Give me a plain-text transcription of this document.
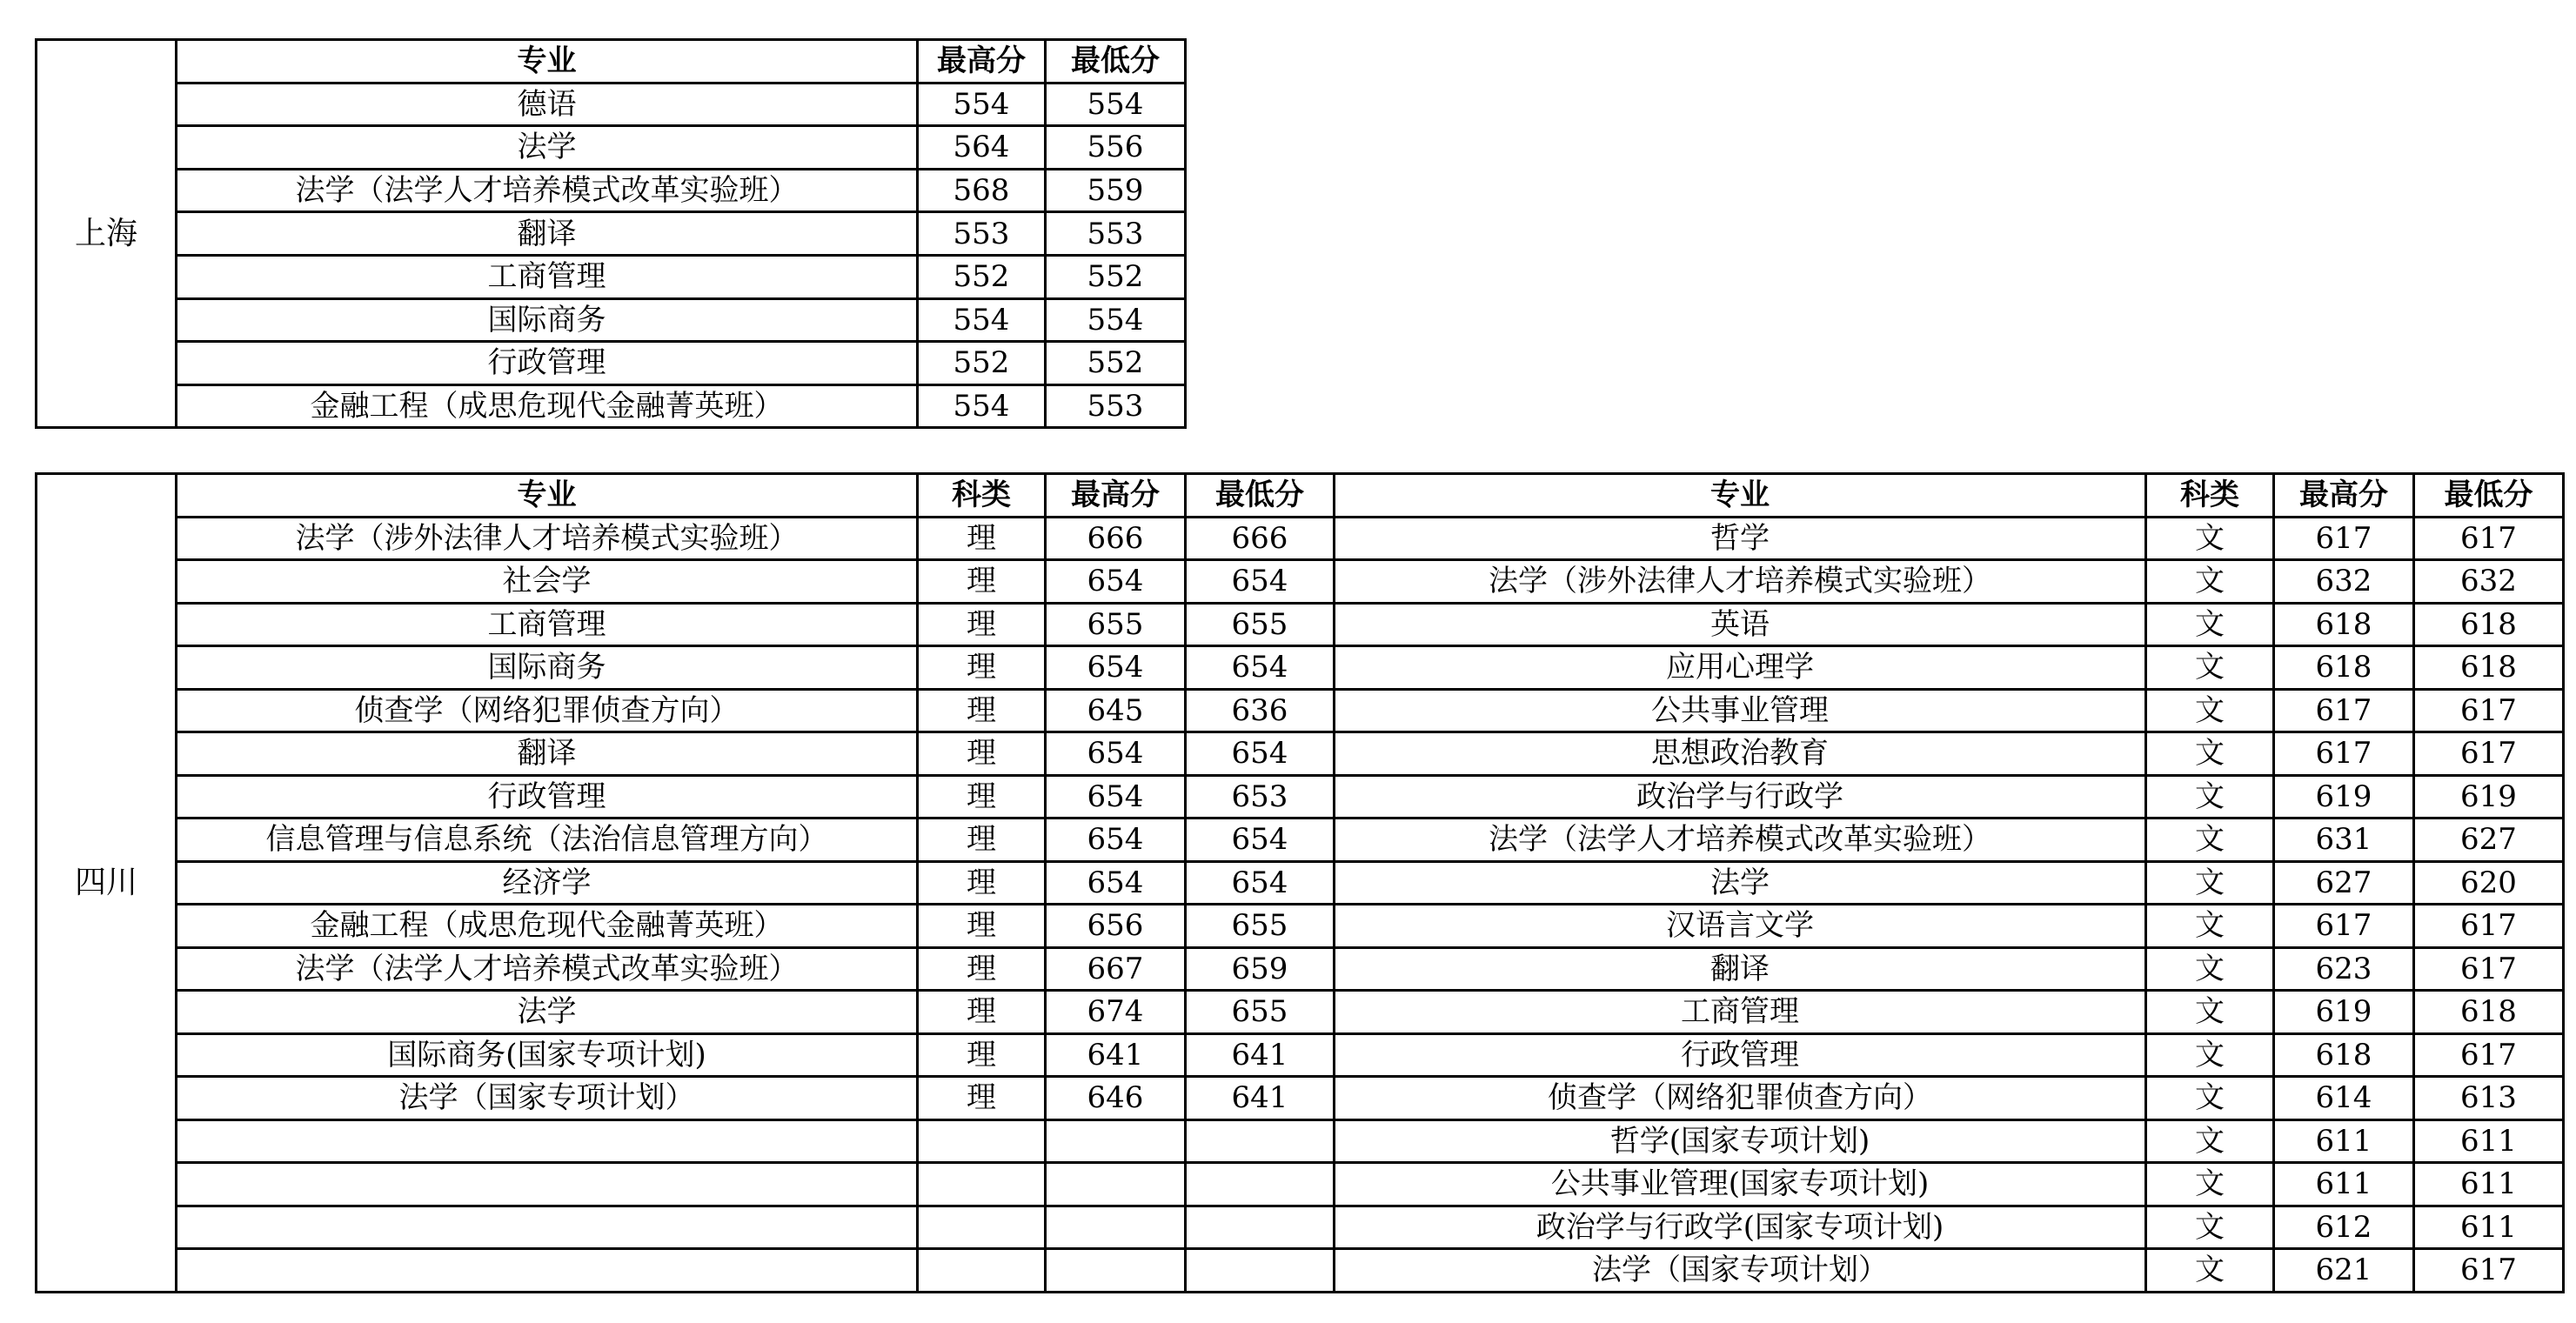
上海	专业	最高分	最低分
	德语	554	554
	法学	564	556
	法学（法学人才培养模式改革实验班）	568	559
	翻译	553	553
	工商管理	552	552
	国际商务	554	554
	行政管理	552	552
	金融工程（成思危现代金融菁英班）	554	553
四川	专业	科类	最高分	最低分	专业	科类	最高分	最低分
	法学（涉外法律人才培养模式实验班）	理	666	666	哲学	文	617	617
	社会学	理	654	654	法学（涉外法律人才培养模式实验班）	文	632	632
	工商管理	理	655	655	英语	文	618	618
	国际商务	理	654	654	应用心理学	文	618	618
	侦查学（网络犯罪侦查方向）	理	645	636	公共事业管理	文	617	617
	翻译	理	654	654	思想政治教育	文	617	617
	行政管理	理	654	653	政治学与行政学	文	619	619
	信息管理与信息系统（法治信息管理方向）	理	654	654	法学（法学人才培养模式改革实验班）	文	631	627
	经济学	理	654	654	法学	文	627	620
	金融工程（成思危现代金融菁英班）	理	656	655	汉语言文学	文	617	617
	法学（法学人才培养模式改革实验班）	理	667	659	翻译	文	623	617
	法学	理	674	655	工商管理	文	619	618
	国际商务(国家专项计划)	理	641	641	行政管理	文	618	617
	法学（国家专项计划）	理	646	641	侦查学（网络犯罪侦查方向）	文	614	613
					哲学(国家专项计划)	文	611	611
					公共事业管理(国家专项计划)	文	611	611
					政治学与行政学(国家专项计划)	文	612	611
					法学（国家专项计划）	文	621	617
